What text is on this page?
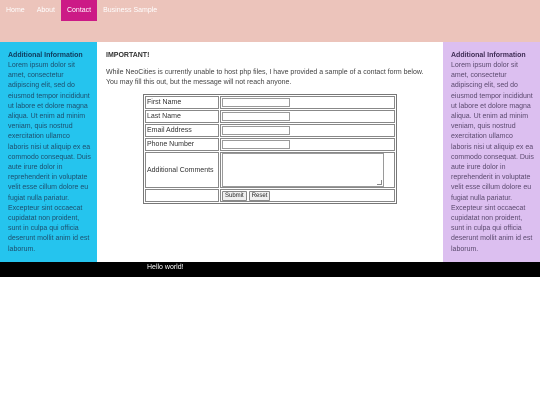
Home	About	Contact	Business Sample

Additional Information

Lorem ipsum dolor sit amet, consectetur adipiscing elit, sed do eiusmod tempor incididunt ut labore et dolore magna aliqua. Ut enim ad minim veniam, quis nostrud exercitation ullamco laboris nisi ut aliquip ex ea commodo consequat. Duis aute irure dolor in reprehenderit in voluptate velit esse cillum dolore eu fugiat nulla pariatur. Excepteur sint occaecat cupidatat non proident, sunt in culpa qui officia deserunt mollit anim id est laborum.

IMPORTANT!

While NeoCities is currently unable to host php files, I have provided a sample of a contact form below. You may fill this out, but the message will not reach anyone.

First Name	

Last Name	

Email Address	

Phone Number	

Additional Comments	

	Submit Reset

Additional Information

Lorem ipsum dolor sit amet, consectetur adipiscing elit, sed do eiusmod tempor incididunt ut labore et dolore magna aliqua. Ut enim ad minim veniam, quis nostrud exercitation ullamco laboris nisi ut aliquip ex ea commodo consequat. Duis aute irure dolor in reprehenderit in voluptate velit esse cillum dolore eu fugiat nulla pariatur. Excepteur sint occaecat cupidatat non proident, sunt in culpa qui officia deserunt mollit anim id est laborum.

Hello world!
